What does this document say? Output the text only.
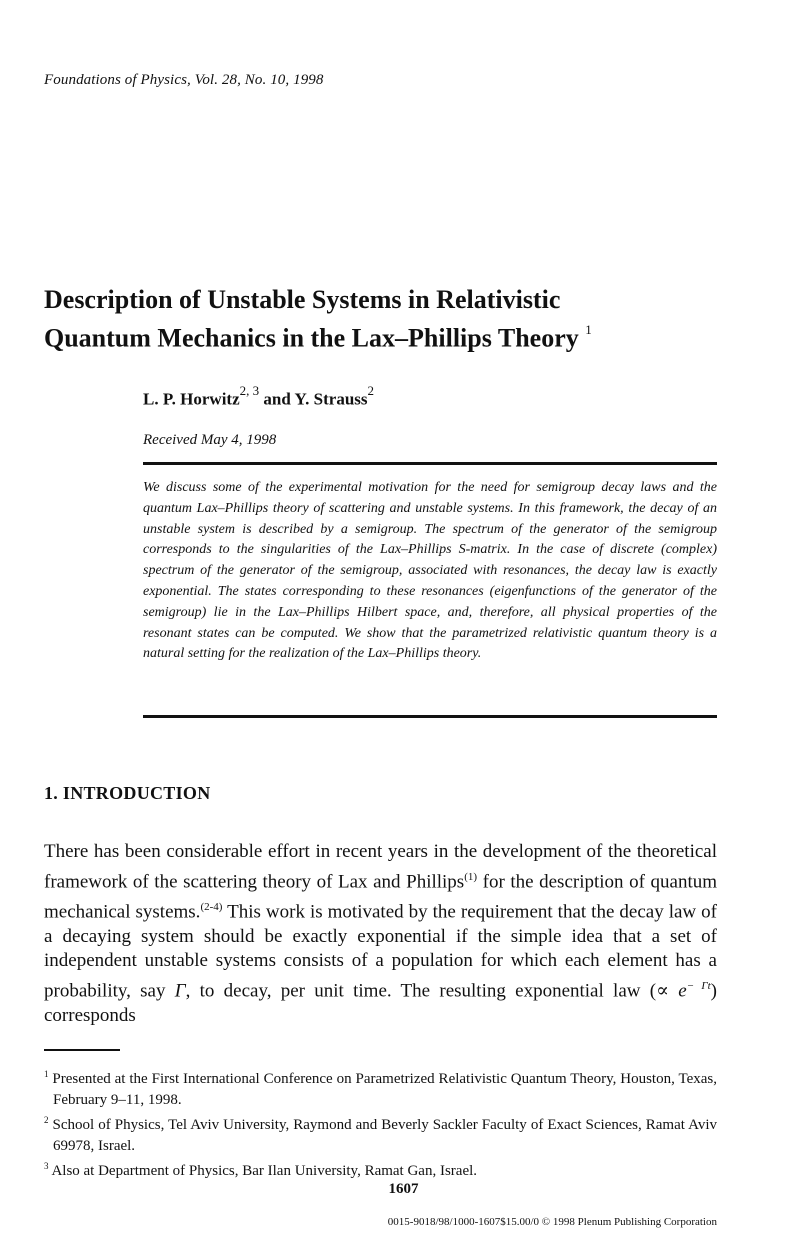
Foundations of Physics, Vol. 28, No. 10, 1998
Description of Unstable Systems in Relativistic
Quantum Mechanics in the Lax–Phillips Theory $^1$
L. P. Horwitz$^{2, 3}$ and Y. Strauss$^2$
Received May 4, 1998
We discuss some of the experimental motivation for the need for semigroup decay laws and the quantum Lax–Phillips theory of scattering and unstable systems. In this framework, the decay of an unstable system is described by a semigroup. The spectrum of the generator of the semigroup corresponds to the singularities of the Lax–Phillips S-matrix. In the case of discrete (complex) spectrum of the generator of the semigroup, associated with resonances, the decay law is exactly exponential. The states corresponding to these resonances (eigenfunctions of the generator of the semigroup) lie in the Lax–Phillips Hilbert space, and, therefore, all physical properties of the resonant states can be computed. We show that the parametrized relativistic quantum theory is a natural setting for the realization of the Lax–Phillips theory.
1. INTRODUCTION
There has been considerable effort in recent years in the development of the theoretical framework of the scattering theory of Lax and Phillips$^{(1)}$ for the description of quantum mechanical systems.$^{(2-4)}$ This work is motivated by the requirement that the decay law of a decaying system should be exactly exponential if the simple idea that a set of independent unstable systems consists of a population for which each element has a probability, say Γ, to decay, per unit time. The resulting exponential law (∝ $e^{- \Gamma t}$) corresponds
$^1$ Presented at the First International Conference on Parametrized Relativistic Quantum Theory, Houston, Texas, February 9–11, 1998.
$^2$ School of Physics, Tel Aviv University, Raymond and Beverly Sackler Faculty of Exact Sciences, Ramat Aviv 69978, Israel.
$^3$ Also at Department of Physics, Bar Ilan University, Ramat Gan, Israel.
1607
0015-9018/98/1000-1607$15.00/0 © 1998 Plenum Publishing Corporation
